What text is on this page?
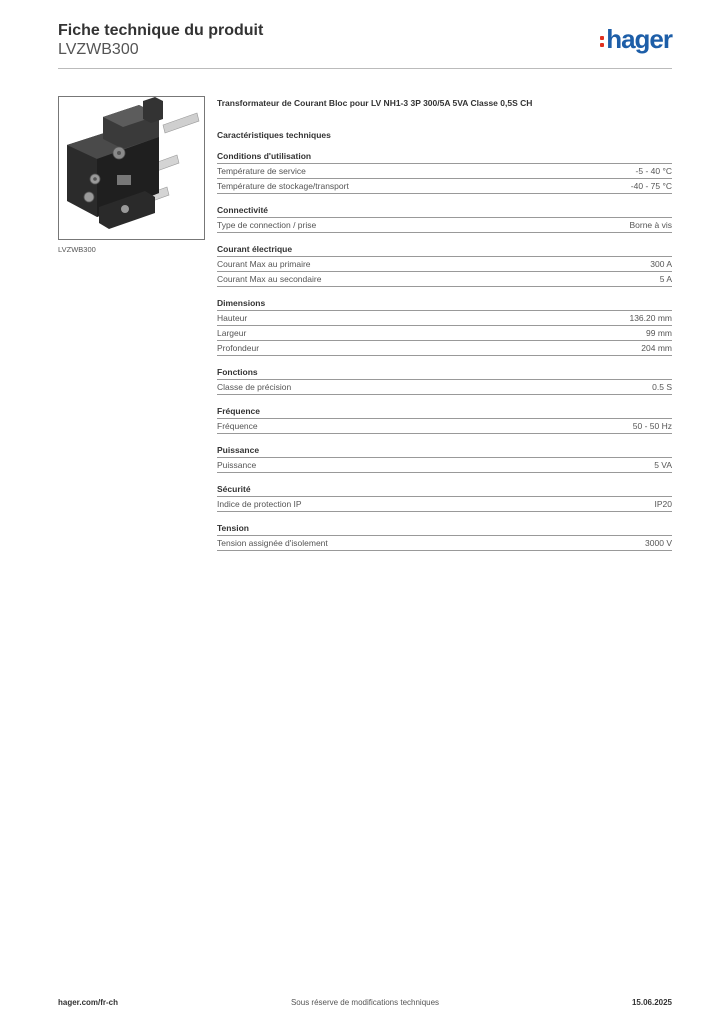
Fiche technique du produit
LVZWB300	hager
LVZWB300
Transformateur de Courant Bloc pour LV NH1-3 3P 300/5A 5VA Classe 0,5S CH
Caractéristiques techniques
Conditions d'utilisation
Température de service	-5 - 40 °C
Température de stockage/transport	-40 - 75 °C
Connectivité
Type de connection / prise	Borne à vis
Courant électrique
Courant Max au primaire	300 A
Courant Max au secondaire	5 A
Dimensions
Hauteur	136.20 mm
Largeur	99 mm
Profondeur	204 mm
Fonctions
Classe de précision	0.5 S
Fréquence
Fréquence	50 - 50 Hz
Puissance
Puissance	5 VA
Sécurité
Indice de protection IP	IP20
Tension
Tension assignée d'isolement	3000 V
hager.com/fr-ch	Sous réserve de modifications techniques	15.06.2025
